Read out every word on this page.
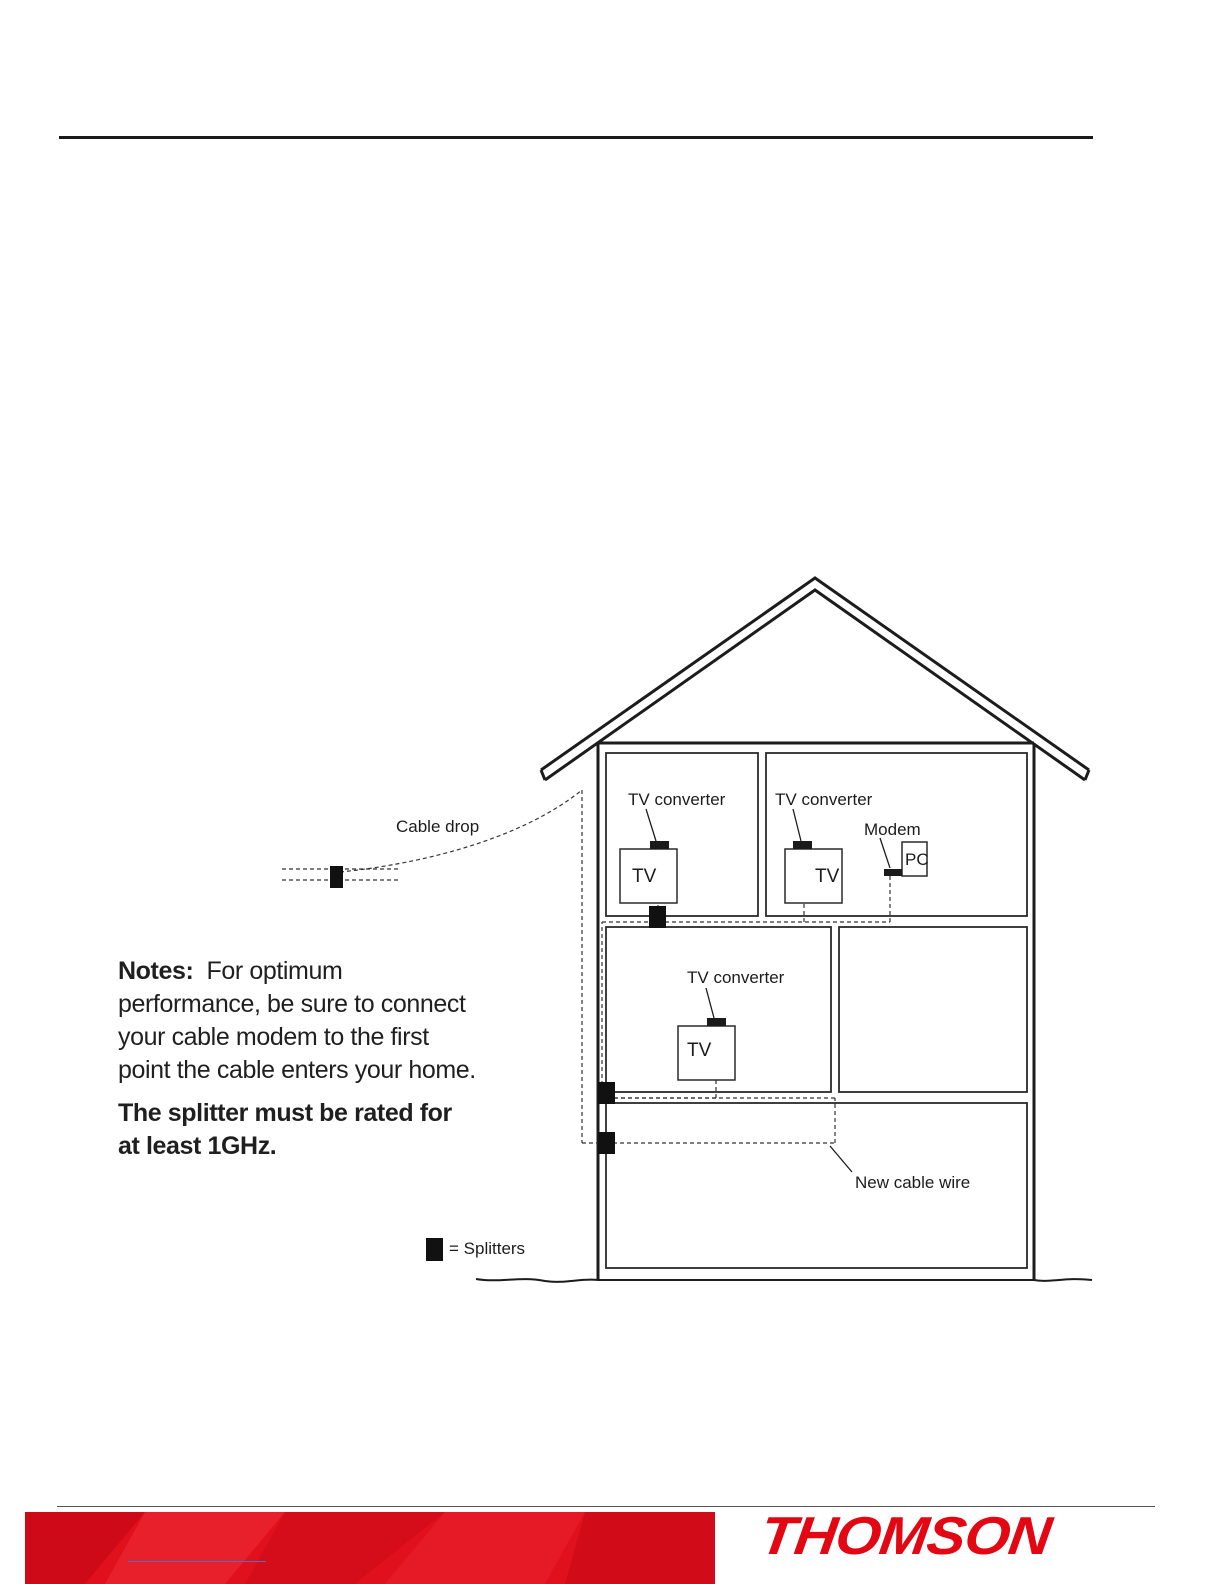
Cable drop
TV converter	TV converter
TV converter
Modem
PC
New cable wire
= Splitters
TV	TV
TV

Notes: For optimum performance, be sure to connect your cable modem to the first point the cable enters your home.

The splitter must be rated for at least 1GHz.

THOMSON
